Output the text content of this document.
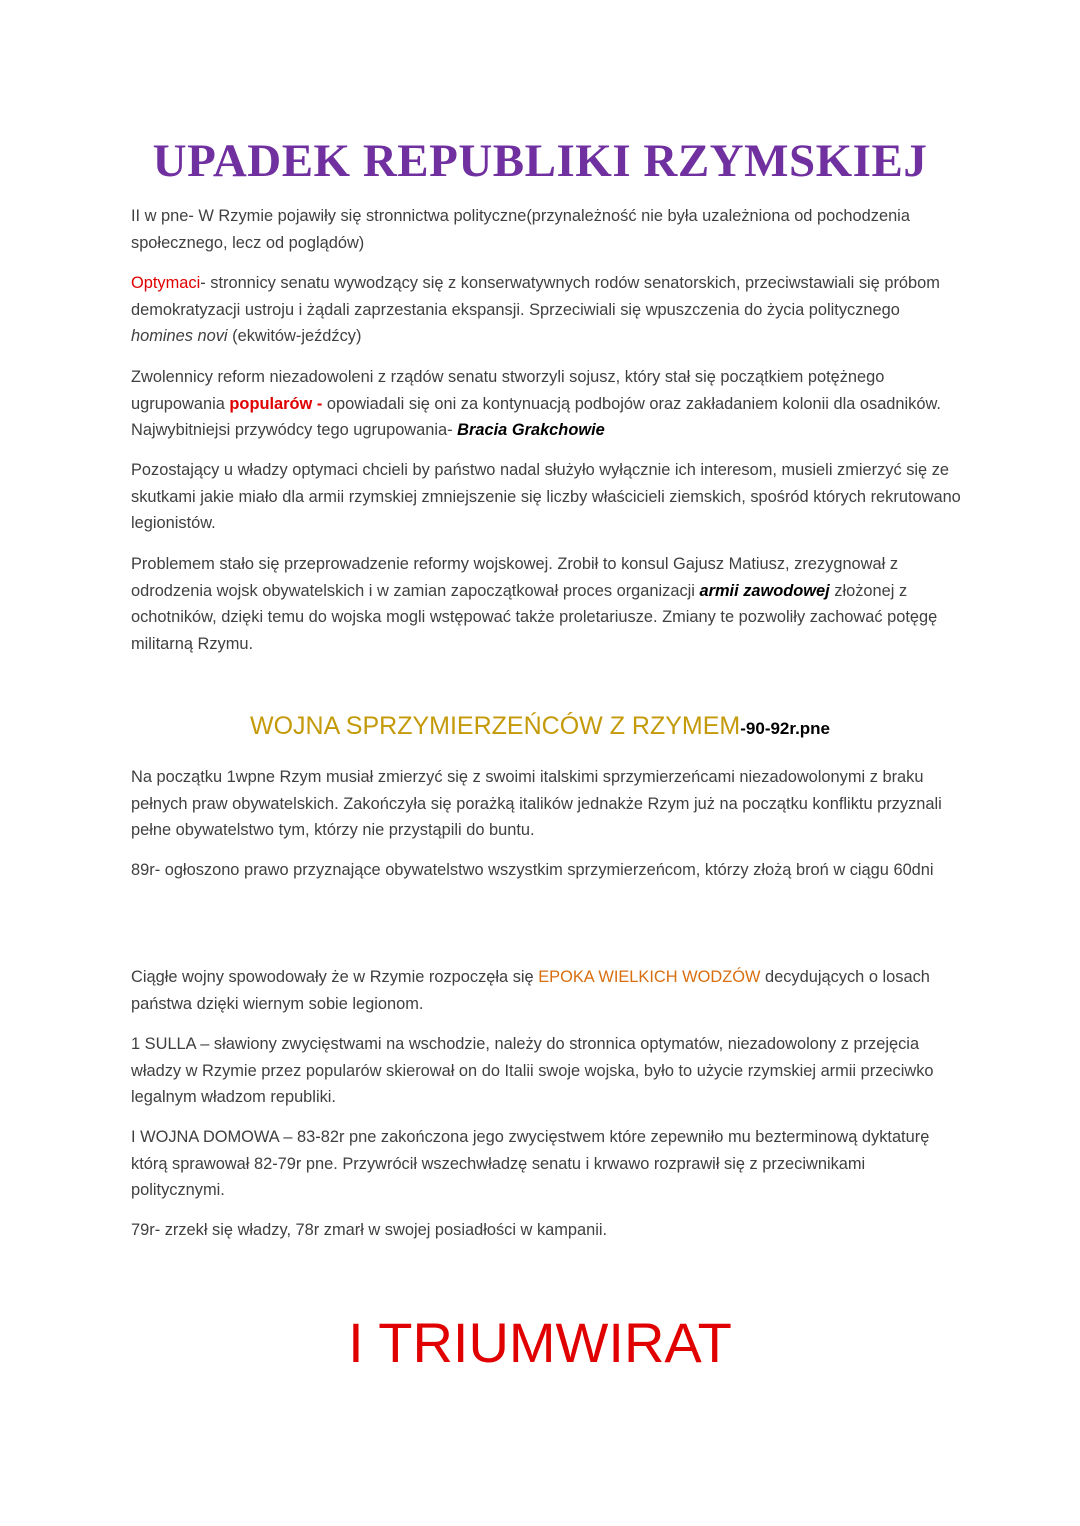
UPADEK REPUBLIKI RZYMSKIEJ
II w pne- W Rzymie pojawiły się stronnictwa polityczne(przynależność nie była uzależniona od pochodzenia społecznego, lecz od poglądów)
Optymaci- stronnicy senatu wywodzący się z konserwatywnych rodów senatorskich, przeciwstawiali się próbom demokratyzacji ustroju i żądali zaprzestania ekspansji. Sprzeciwiali się wpuszczenia do życia politycznego homines novi (ekwitów-jeźdźcy)
Zwolennicy reform niezadowoleni z rządów senatu stworzyli sojusz, który stał się początkiem potężnego ugrupowania popularów - opowiadali się oni za kontynuacją podbojów oraz zakładaniem kolonii dla osadników. Najwybitniejsi przywódcy tego ugrupowania- Bracia Grakchowie
Pozostający u władzy optymaci chcieli by państwo nadal służyło wyłącznie ich interesom, musieli zmierzyć się ze skutkami jakie miało dla armii rzymskiej zmniejszenie się liczby właścicieli ziemskich, spośród których rekrutowano legionistów.
Problemem stało się przeprowadzenie reformy wojskowej. Zrobił to konsul Gajusz Matiusz, zrezygnował z odrodzenia wojsk obywatelskich i w zamian zapoczątkował proces organizacji armii zawodowej złożonej z ochotników, dzięki temu do wojska mogli wstępować także proletariusze. Zmiany te pozwoliły zachować potęgę militarną Rzymu.
WOJNA SPRZYMIERZEŃCÓW Z RZYMEM-90-92r.pne
Na początku 1wpne Rzym musiał zmierzyć się z swoimi italskimi sprzymierzeńcami niezadowolonymi z braku pełnych praw obywatelskich. Zakończyła się porażką italików jednakże Rzym już na początku konfliktu przyznali pełne obywatelstwo tym, którzy nie przystąpili do buntu.
89r- ogłoszono prawo przyznające obywatelstwo wszystkim sprzymierzeńcom, którzy złożą broń w ciągu 60dni
Ciągłe wojny spowodowały że w Rzymie rozpoczęła się EPOKA WIELKICH WODZÓW decydujących o losach państwa dzięki wiernym sobie legionom.
1 SULLA – sławiony zwycięstwami na wschodzie, należy do stronnica optymatów, niezadowolony z przejęcia władzy w Rzymie przez popularów skierował on do Italii swoje wojska, było to użycie rzymskiej armii przeciwko legalnym władzom republiki.
I WOJNA DOMOWA – 83-82r pne zakończona jego zwycięstwem które zepewniło mu bezterminową dyktaturę którą sprawował 82-79r pne. Przywrócił wszechwładzę senatu i krwawo rozprawił się z przeciwnikami politycznymi.
79r- zrzekł się władzy, 78r zmarł w swojej posiadłości w kampanii.
I TRIUMWIRAT
